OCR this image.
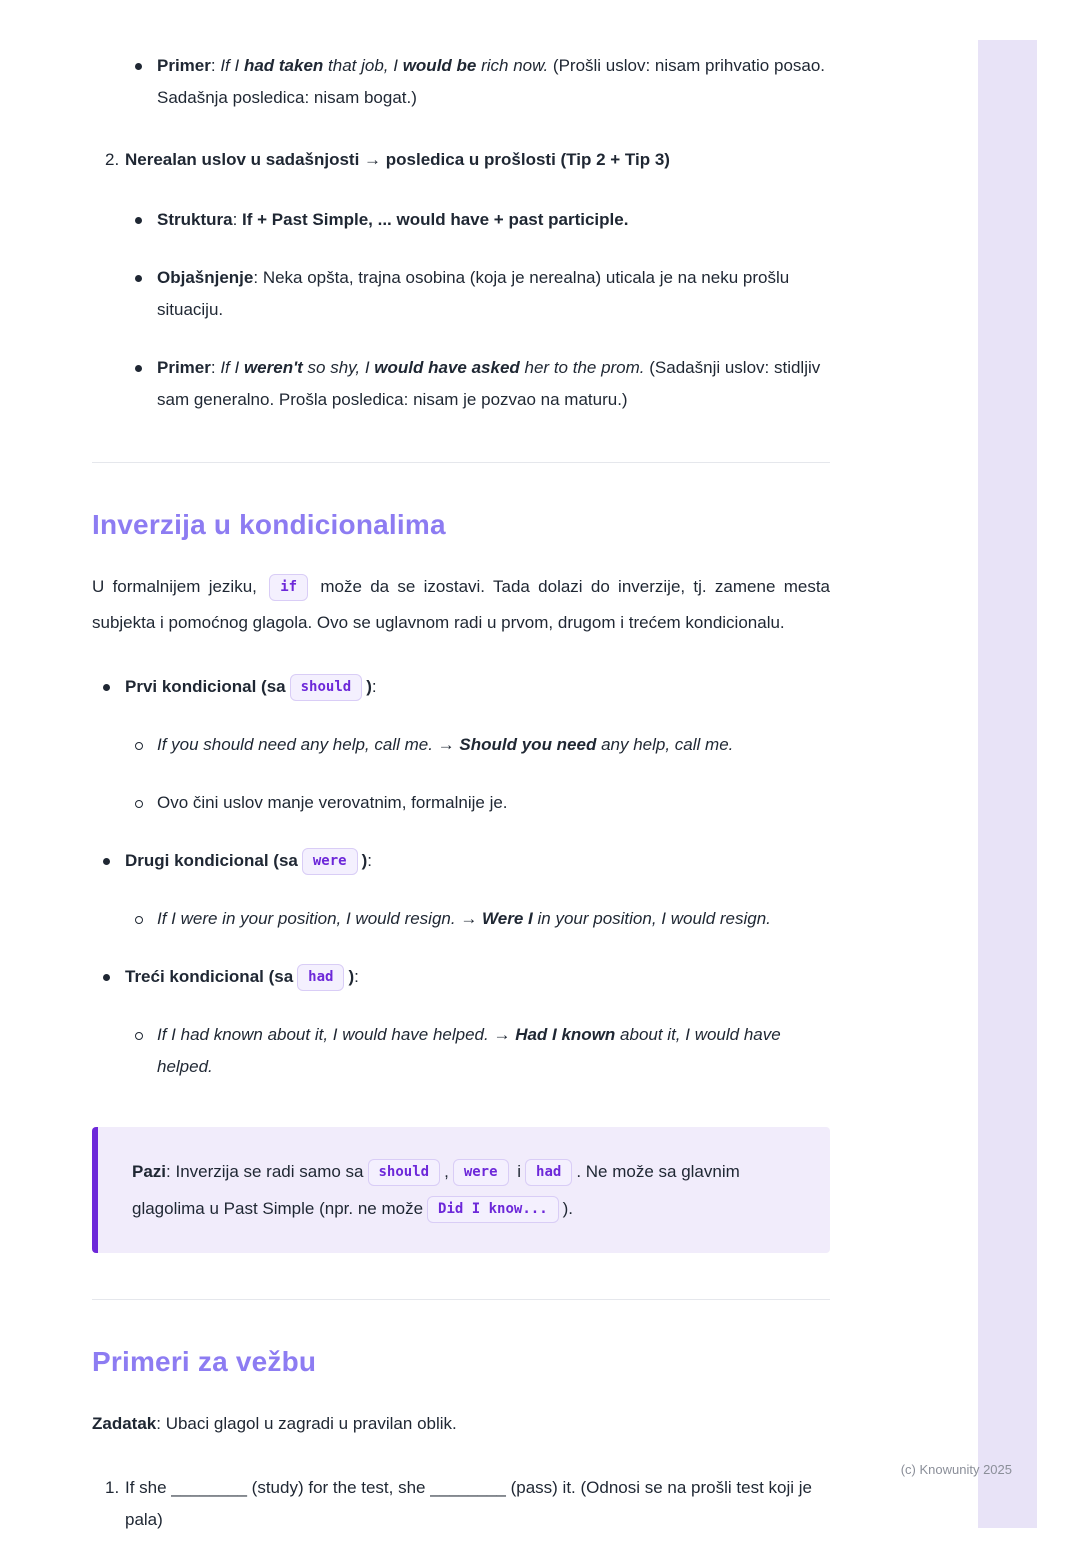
Primer: If I had taken that job, I would be rich now. (Prošli uslov: nisam prihvatio posao. Sadašnja posledica: nisam bogat.)
2. Nerealan uslov u sadašnjosti → posledica u prošlosti (Tip 2 + Tip 3)
Struktura: If + Past Simple, ... would have + past participle.
Objašnjenje: Neka opšta, trajna osobina (koja je nerealna) uticala je na neku prošlu situaciju.
Primer: If I weren't so shy, I would have asked her to the prom. (Sadašnji uslov: stidljiv sam generalno. Prošla posledica: nisam je pozvao na maturu.)
Inverzija u kondicionalima

U formalnijem jeziku, if može da se izostavi. Tada dolazi do inverzije, tj. zamene mesta subjekta i pomoćnog glagola. Ovo se uglavnom radi u prvom, drugom i trećem kondicionalu.

Prvi kondicional (sa should ):
If you should need any help, call me. → Should you need any help, call me.
Ovo čini uslov manje verovatnim, formalnije je.
Drugi kondicional (sa were ):
If I were in your position, I would resign. → Were I in your position, I would resign.
Treći kondicional (sa had ):
If I had known about it, I would have helped. → Had I known about it, I would have helped.

Pazi: Inverzija se radi samo sa should , were i had . Ne može sa glavnim glagolima u Past Simple (npr. ne može Did I know... ).

Primeri za vežbu

Zadatak: Ubaci glagol u zagradi u pravilan oblik.

1. If she ________ (study) for the test, she ________ (pass) it. (Odnosi se na prošli test koji je pala)
(c) Knowunity 2025
